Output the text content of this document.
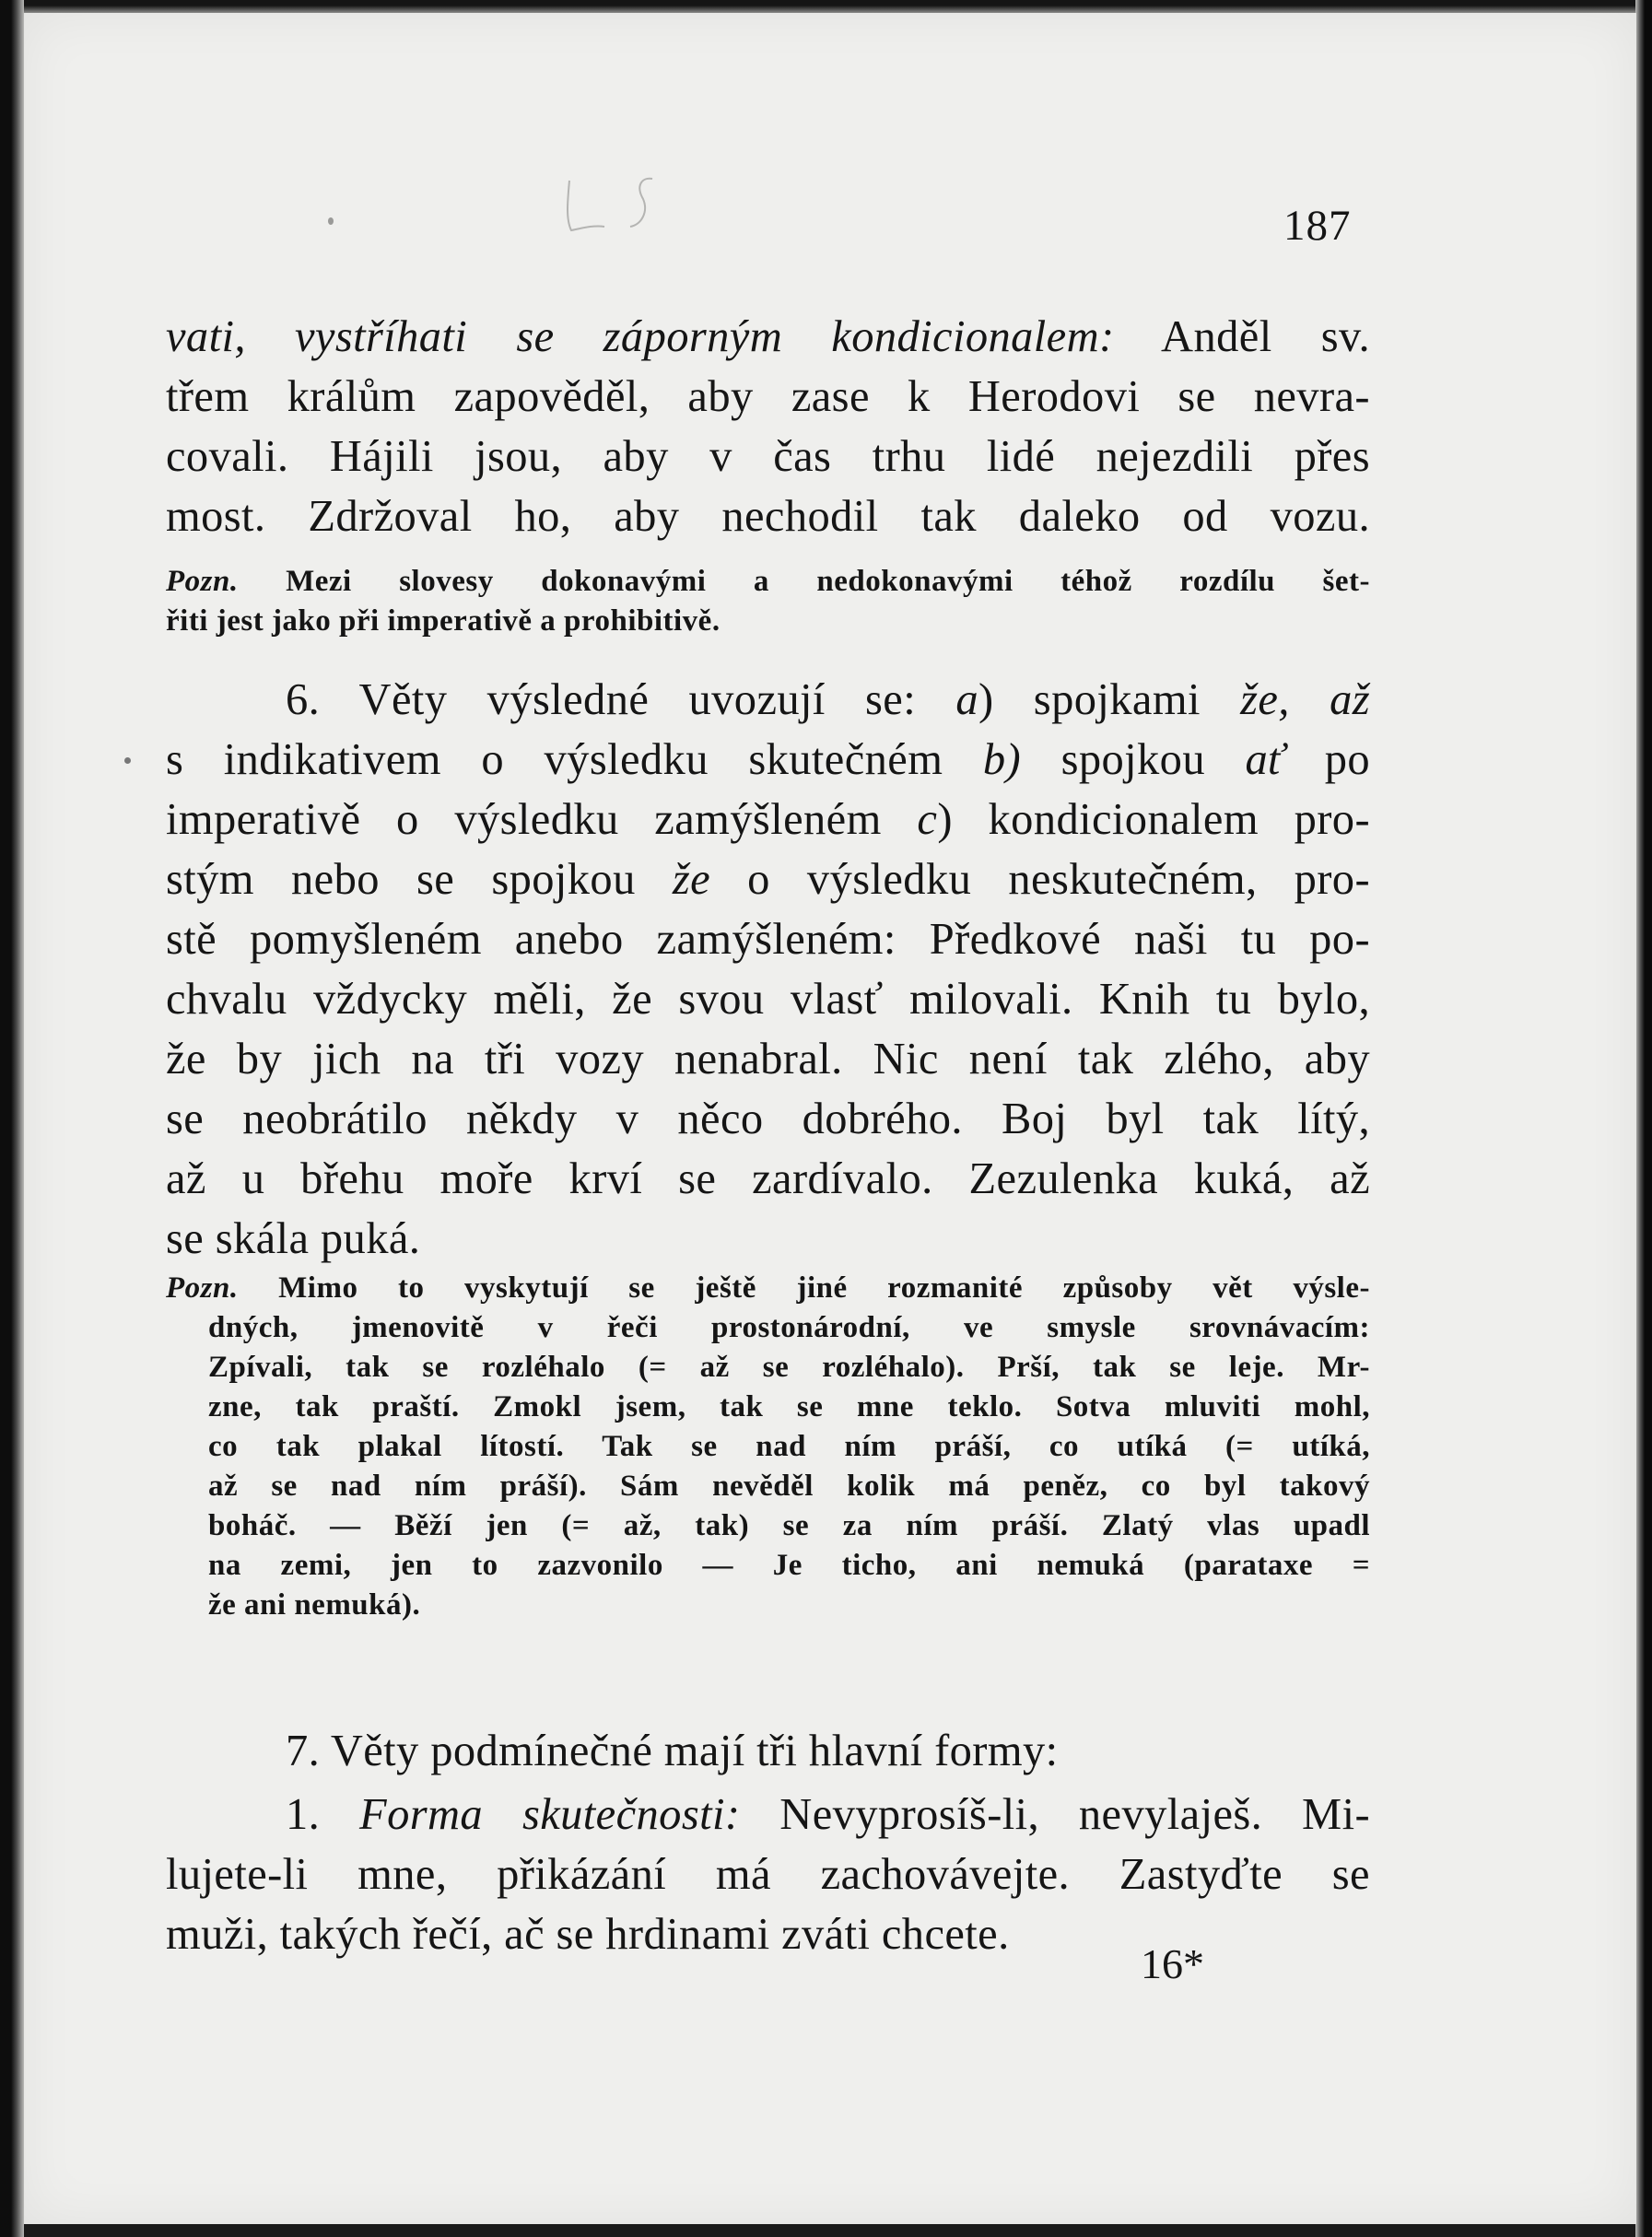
187
vati, vystříhati se záporným kondicionalem: Anděl sv.
třem králům zapověděl, aby zase k Herodovi se nevra-
covali. Hájili jsou, aby v čas trhu lidé nejezdili přes
most. Zdržoval ho, aby nechodil tak daleko od vozu.
Pozn. Mezi slovesy dokonavými a nedokonavými téhož rozdílu šet-
řiti jest jako při imperativě a prohibitivě.
6. Věty výsledné uvozují se: a) spojkami že, až
s indikativem o výsledku skutečném b) spojkou ať po
imperativě o výsledku zamýšleném c) kondicionalem pro-
stým nebo se spojkou že o výsledku neskutečném, pro-
stě pomyšleném anebo zamýšleném: Předkové naši tu po-
chvalu vždycky měli, že svou vlasť milovali. Knih tu bylo,
že by jich na tři vozy nenabral. Nic není tak zlého, aby
se neobrátilo někdy v něco dobrého. Boj byl tak lítý,
až u břehu moře krví se zardívalo. Zezulenka kuká, až
se skála puká.
Pozn. Mimo to vyskytují se ještě jiné rozmanité způsoby vět výsle-
dných, jmenovitě v řeči prostonárodní, ve smysle srovnávacím:
Zpívali, tak se rozléhalo (= až se rozléhalo). Prší, tak se leje. Mr-
zne, tak praští. Zmokl jsem, tak se mne teklo. Sotva mluviti mohl,
co tak plakal lítostí. Tak se nad ním práší, co utíká (= utíká,
až se nad ním práší). Sám nevěděl kolik má peněz, co byl takový
boháč. — Běží jen (= až, tak) se za ním práší. Zlatý vlas upadl
na zemi, jen to zazvonilo — Je ticho, ani nemuká (parataxe =
že ani nemuká).
7. Věty podmínečné mají tři hlavní formy:
1. Forma skutečnosti: Nevyprosíš-li, nevylaješ. Mi-
lujete-li mne, přikázání má zachovávejte. Zastyďte se
muži, takých řečí, ač se hrdinami zváti chcete.
16*
